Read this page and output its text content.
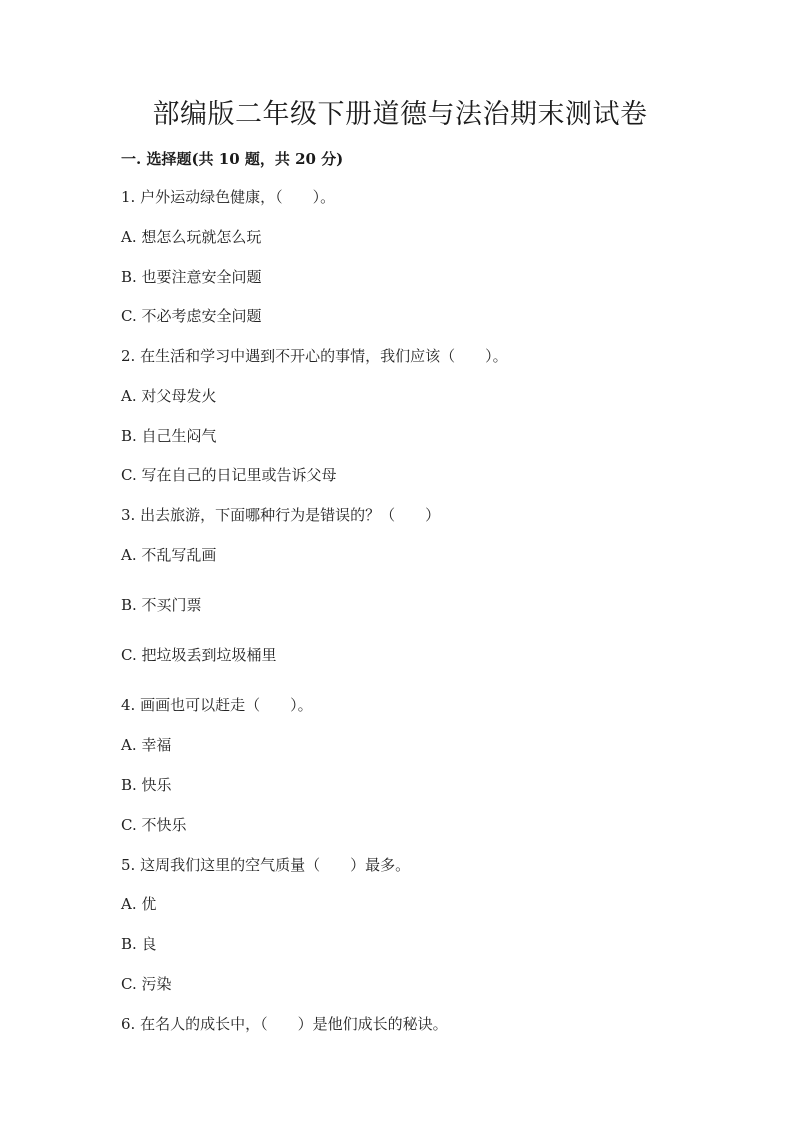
部编版二年级下册道德与法治期末测试卷
一. 选择题(共 10 题，共 20 分)
1. 户外运动绿色健康，（　　）。
A. 想怎么玩就怎么玩
B. 也要注意安全问题
C. 不必考虑安全问题
2. 在生活和学习中遇到不开心的事情，我们应该（　　）。
A. 对父母发火
B. 自己生闷气
C. 写在自己的日记里或告诉父母
3. 出去旅游，下面哪种行为是错误的？（　　）
A. 不乱写乱画
B. 不买门票
C. 把垃圾丢到垃圾桶里
4. 画画也可以赶走（　　）。
A. 幸福
B. 快乐
C. 不快乐
5. 这周我们这里的空气质量（　　）最多。
A. 优
B. 良
C. 污染
6. 在名人的成长中，（　　）是他们成长的秘诀。
